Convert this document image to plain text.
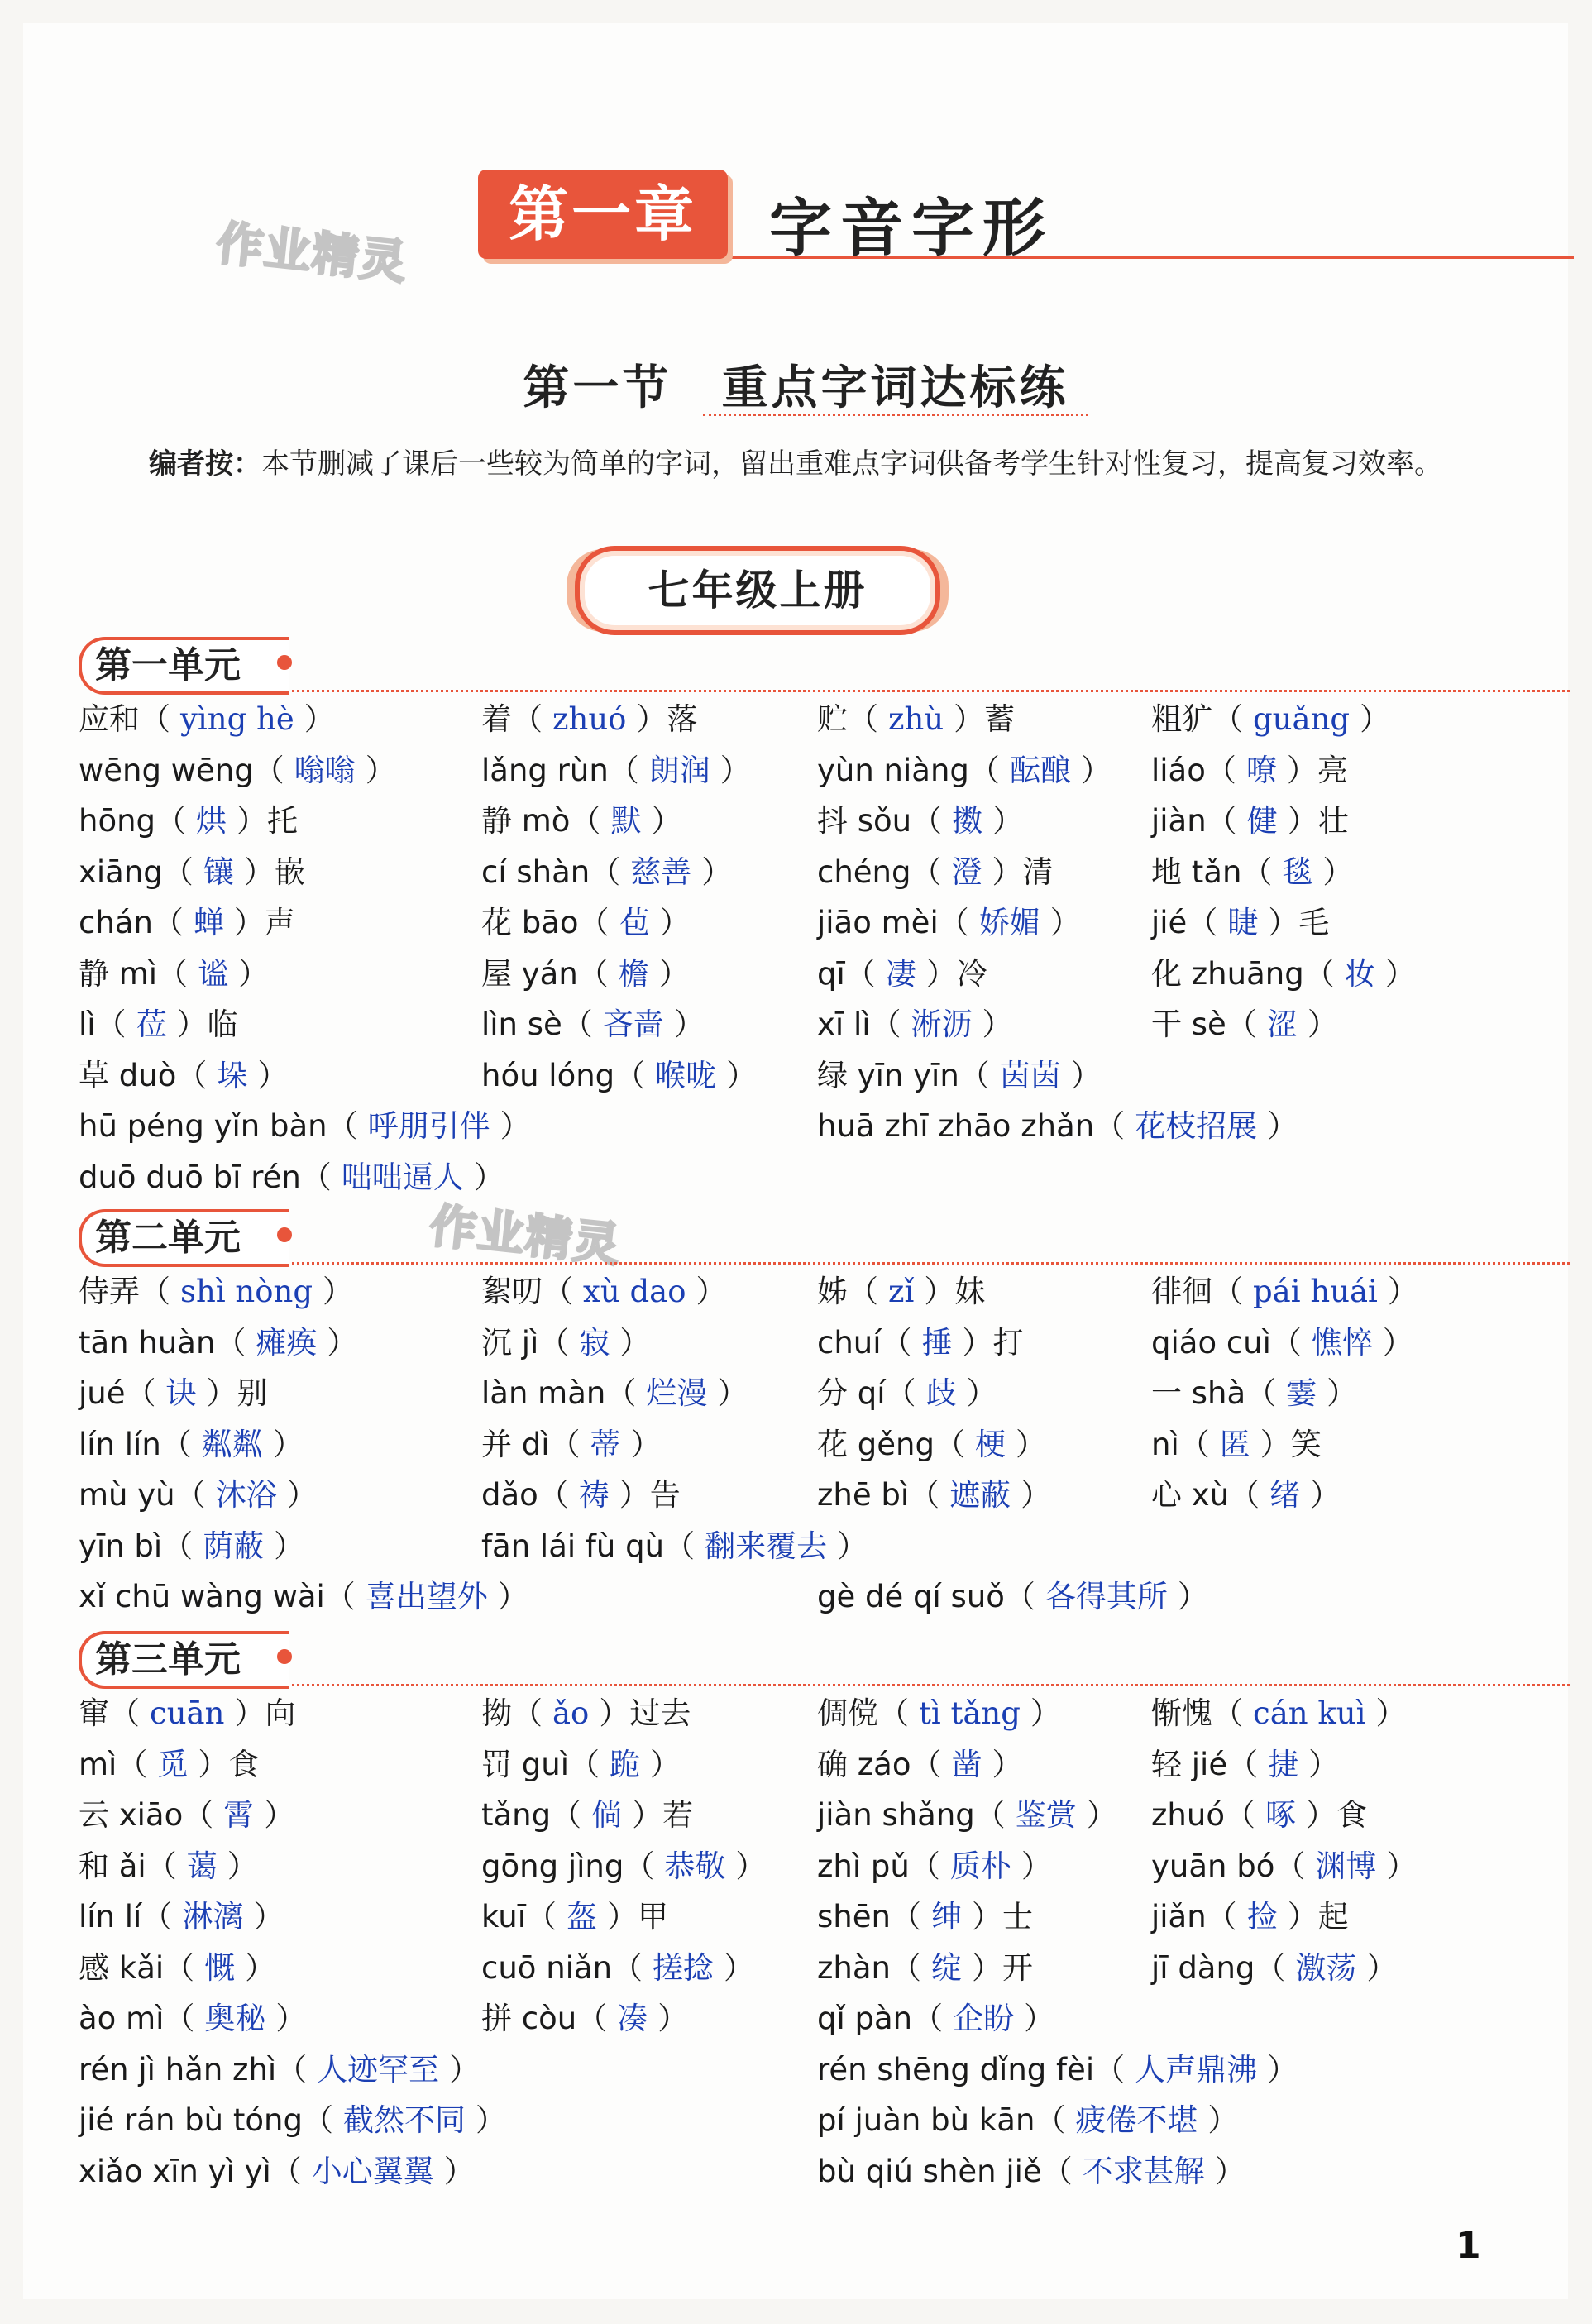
作业精灵
作业精灵
第一章	字音字形
第一节　重点字词达标练
编者按：本节删减了课后一些较为简单的字词，留出重难点字词供备考学生针对性复习，提高复习效率。
七年级上册
第一单元
应和（ yìng hè ）	着（ zhuó ）落	贮（ zhù ）蓄	粗犷（ guǎng ）
wēng wēng（ 嗡嗡 ）	lǎng rùn（ 朗润 ） yùn niàng（ 酝酿 ） liáo（ 嘹 ）亮
hōng（ 烘 ）托	静 mò（ 默 ）	抖 sǒu（ 擞 ）	jiàn（ 健 ）壮
xiāng（ 镶 ）嵌	cí shàn（ 慈善 ）	chéng（ 澄 ）清	地 tǎn（ 毯 ）
chán（ 蝉 ）声	花 bāo（ 苞 ）	jiāo mèi（ 娇媚 ） jié（ 睫 ）毛
静 mì（ 谧 ）	屋 yán（ 檐 ）	qī（ 凄 ）冷	化 zhuāng（ 妆 ）
lì（ 莅 ）临	lìn sè（ 吝啬 ）	xī lì（ 淅沥 ）	干 sè（ 涩 ）
草 duò（ 垛 ）	hóu lóng（ 喉咙 ） 绿 yīn yīn（ 茵茵 ）
hū péng yǐn bàn（ 呼朋引伴 ）	huā zhī zhāo zhǎn（ 花枝招展 ）
duō duō bī rén（ 咄咄逼人 ）
第二单元
侍弄（ shì nòng ）	絮叨（ xù dao ）	姊（ zǐ ）妹	徘徊（ pái huái ）
tān huàn（ 瘫痪 ）	沉 jì（ 寂 ）	chuí（ 捶 ）打	qiáo cuì（ 憔悴 ）
jué（ 诀 ）别	làn màn（ 烂漫 ） 分 qí（ 歧 ）	一 shà（ 霎 ）
lín lín（ 粼粼 ）	并 dì（ 蒂 ）	花 gěng（ 梗 ）	nì（ 匿 ）笑
mù yù（ 沐浴 ）	dǎo（ 祷 ）告	zhē bì（ 遮蔽 ）	心 xù（ 绪 ）
yīn bì（ 荫蔽 ）	fān lái fù qù（ 翻来覆去 ）
xǐ chū wàng wài（ 喜出望外 ）	gè dé qí suǒ（ 各得其所 ）
第三单元
窜（ cuān ）向	拗（ ǎo ）过去	倜傥（ tì tǎng ）	惭愧（ cán kuì ）
mì（ 觅 ）食	罚 guì（ 跪 ）	确 záo（ 凿 ）	轻 jié（ 捷 ）
云 xiāo（ 霄 ）	tǎng（ 倘 ）若	jiàn shǎng（ 鉴赏 ） zhuó（ 啄 ）食
和 ǎi（ 蔼 ）	gōng jìng（ 恭敬 ） zhì pǔ（ 质朴 ）	yuān bó（ 渊博 ）
lín lí（ 淋漓 ）	kuī（ 盔 ）甲	shēn（ 绅 ）士	jiǎn（ 捡 ）起
感 kǎi（ 慨 ）	cuō niǎn（ 搓捻 ） zhàn（ 绽 ）开	jī dàng（ 激荡 ）
ào mì（ 奥秘 ）	拼 còu（ 凑 ）	qǐ pàn（ 企盼 ）
rén jì hǎn zhì（ 人迹罕至 ）	rén shēng dǐng fèi（ 人声鼎沸 ）
jié rán bù tóng（ 截然不同 ）	pí juàn bù kān（ 疲倦不堪 ）
xiǎo xīn yì yì（ 小心翼翼 ）	bù qiú shèn jiě（ 不求甚解 ）
1
